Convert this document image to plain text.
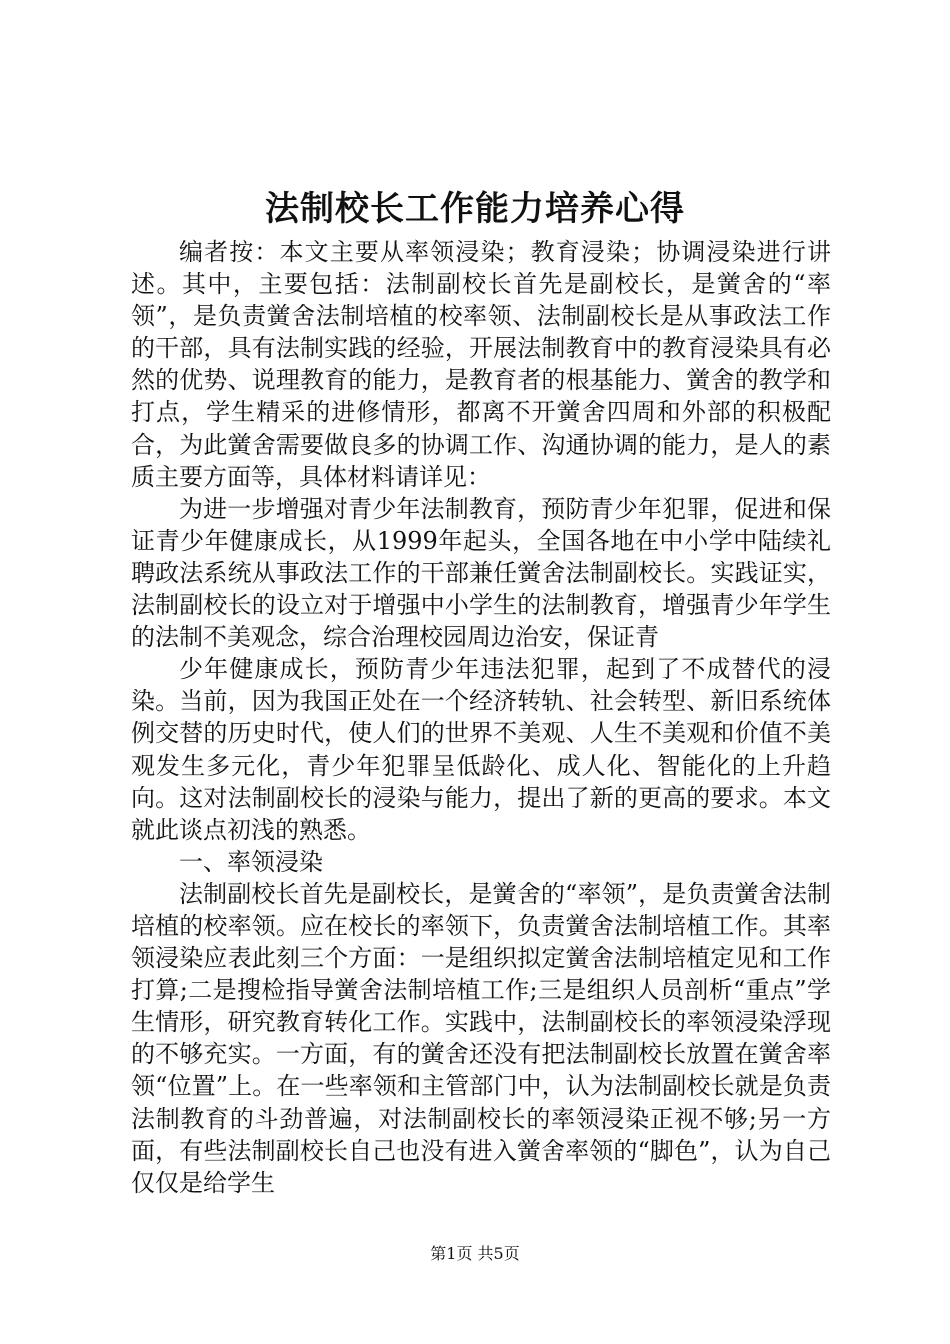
法制校长工作能力培养心得

编者按：本文主要从率领浸染；教育浸染；协调浸染进行讲述。其中，主要包括：法制副校长首先是副校长，是黉舍的“率领”，是负责黉舍法制培植的校率领、法制副校长是从事政法工作的干部，具有法制实践的经验，开展法制教育中的教育浸染具有必然的优势、说理教育的能力，是教育者的根基能力、黉舍的教学和打点，学生精采的进修情形，都离不开黉舍四周和外部的积极配合，为此黉舍需要做良多的协调工作、沟通协调的能力，是人的素质主要方面等，具体材料请详见：

为进一步增强对青少年法制教育，预防青少年犯罪，促进和保证青少年健康成长，从1999年起头，全国各地在中小学中陆续礼聘政法系统从事政法工作的干部兼任黉舍法制副校长。实践证实，法制副校长的设立对于增强中小学生的法制教育，增强青少年学生的法制不美观念，综合治理校园周边治安，保证青

少年健康成长，预防青少年违法犯罪，起到了不成替代的浸染。当前，因为我国正处在一个经济转轨、社会转型、新旧系统体例交替的历史时代，使人们的世界不美观、人生不美观和价值不美观发生多元化，青少年犯罪呈低龄化、成人化、智能化的上升趋向。这对法制副校长的浸染与能力，提出了新的更高的要求。本文就此谈点初浅的熟悉。

一、率领浸染

法制副校长首先是副校长，是黉舍的“率领”，是负责黉舍法制培植的校率领。应在校长的率领下，负责黉舍法制培植工作。其率领浸染应表此刻三个方面：一是组织拟定黉舍法制培植定见和工作打算;二是搜检指导黉舍法制培植工作;三是组织人员剖析“重点”学生情形，研究教育转化工作。实践中，法制副校长的率领浸染浮现的不够充实。一方面，有的黉舍还没有把法制副校长放置在黉舍率领“位置”上。在一些率领和主管部门中，认为法制副校长就是负责法制教育的斗劲普遍，对法制副校长的率领浸染正视不够;另一方面，有些法制副校长自己也没有进入黉舍率领的“脚色”，认为自己仅仅是给学生

第1页 共5页
